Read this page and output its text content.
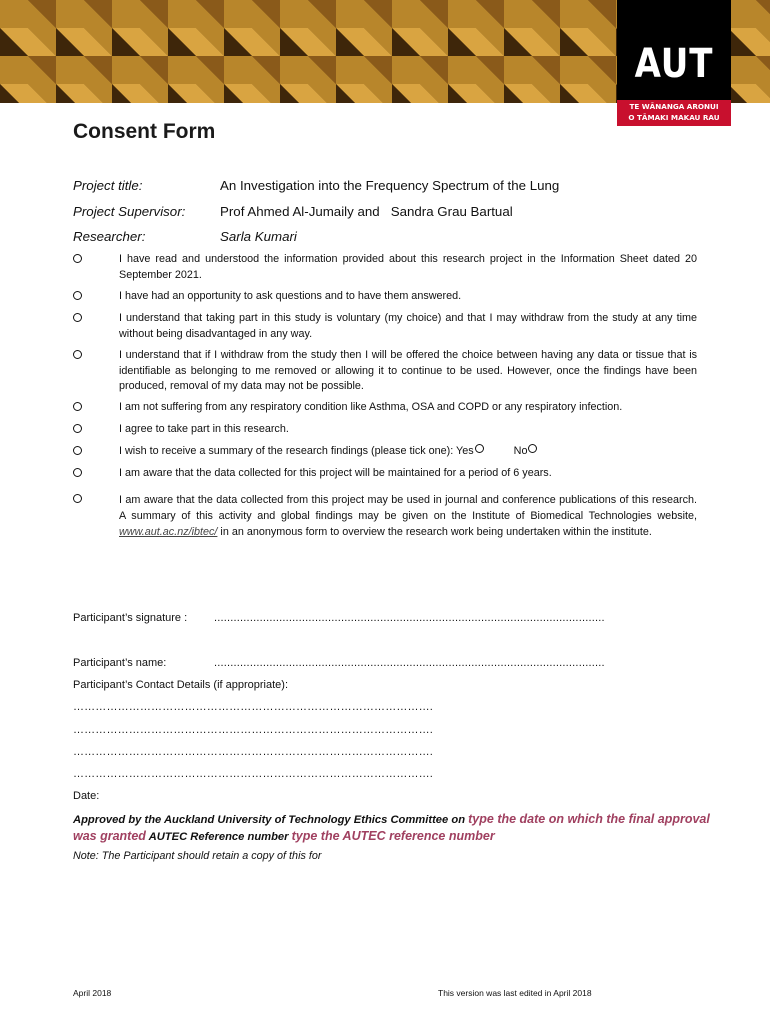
AUT
TE WĀNANGA ARONUI
O TĀMAKI MAKAU RAU
Consent Form
Project title:	An Investigation into the Frequency Spectrum of the Lung
Project Supervisor:	Prof Ahmed Al-Jumaily and   Sandra Grau Bartual
Researcher:	Sarla Kumari
I have read and understood the information provided about this research project in the Information Sheet dated 20 September 2021.
I have had an opportunity to ask questions and to have them answered.
I understand that taking part in this study is voluntary (my choice) and that I may withdraw from the study at any time without being disadvantaged in any way.
I understand that if I withdraw from the study then I will be offered the choice between having any data or tissue that is identifiable as belonging to me removed or allowing it to continue to be used. However, once the findings have been produced, removal of my data may not be possible.
I am not suffering from any respiratory condition like Asthma, OSA and COPD or any respiratory infection.
I agree to take part in this research.
I wish to receive a summary of the research findings (please tick one): Yes	No
I am aware that the data collected for this project will be maintained for a period of 6 years.
I am aware that the data collected from this project may be used in journal and conference publications of this research. A summary of this activity and global findings may be given on the Institute of Biomedical Technologies website, www.aut.ac.nz/ibtec/ in an anonymous form to overview the research work being undertaken within the institute.
Participant’s signature : ........................................................................................................................
Participant’s name:	........................................................................................................................
Participant’s Contact Details (if appropriate):
…………………………………………………………………………………….
…………………………………………………………………………………….
…………………………………………………………………………………….
…………………………………………………………………………………….
Date:
Approved by the Auckland University of Technology Ethics Committee on type the date on which the final approval was granted AUTEC Reference number type the AUTEC reference number
Note: The Participant should retain a copy of this for
April 2018	This version was last edited in April 2018
